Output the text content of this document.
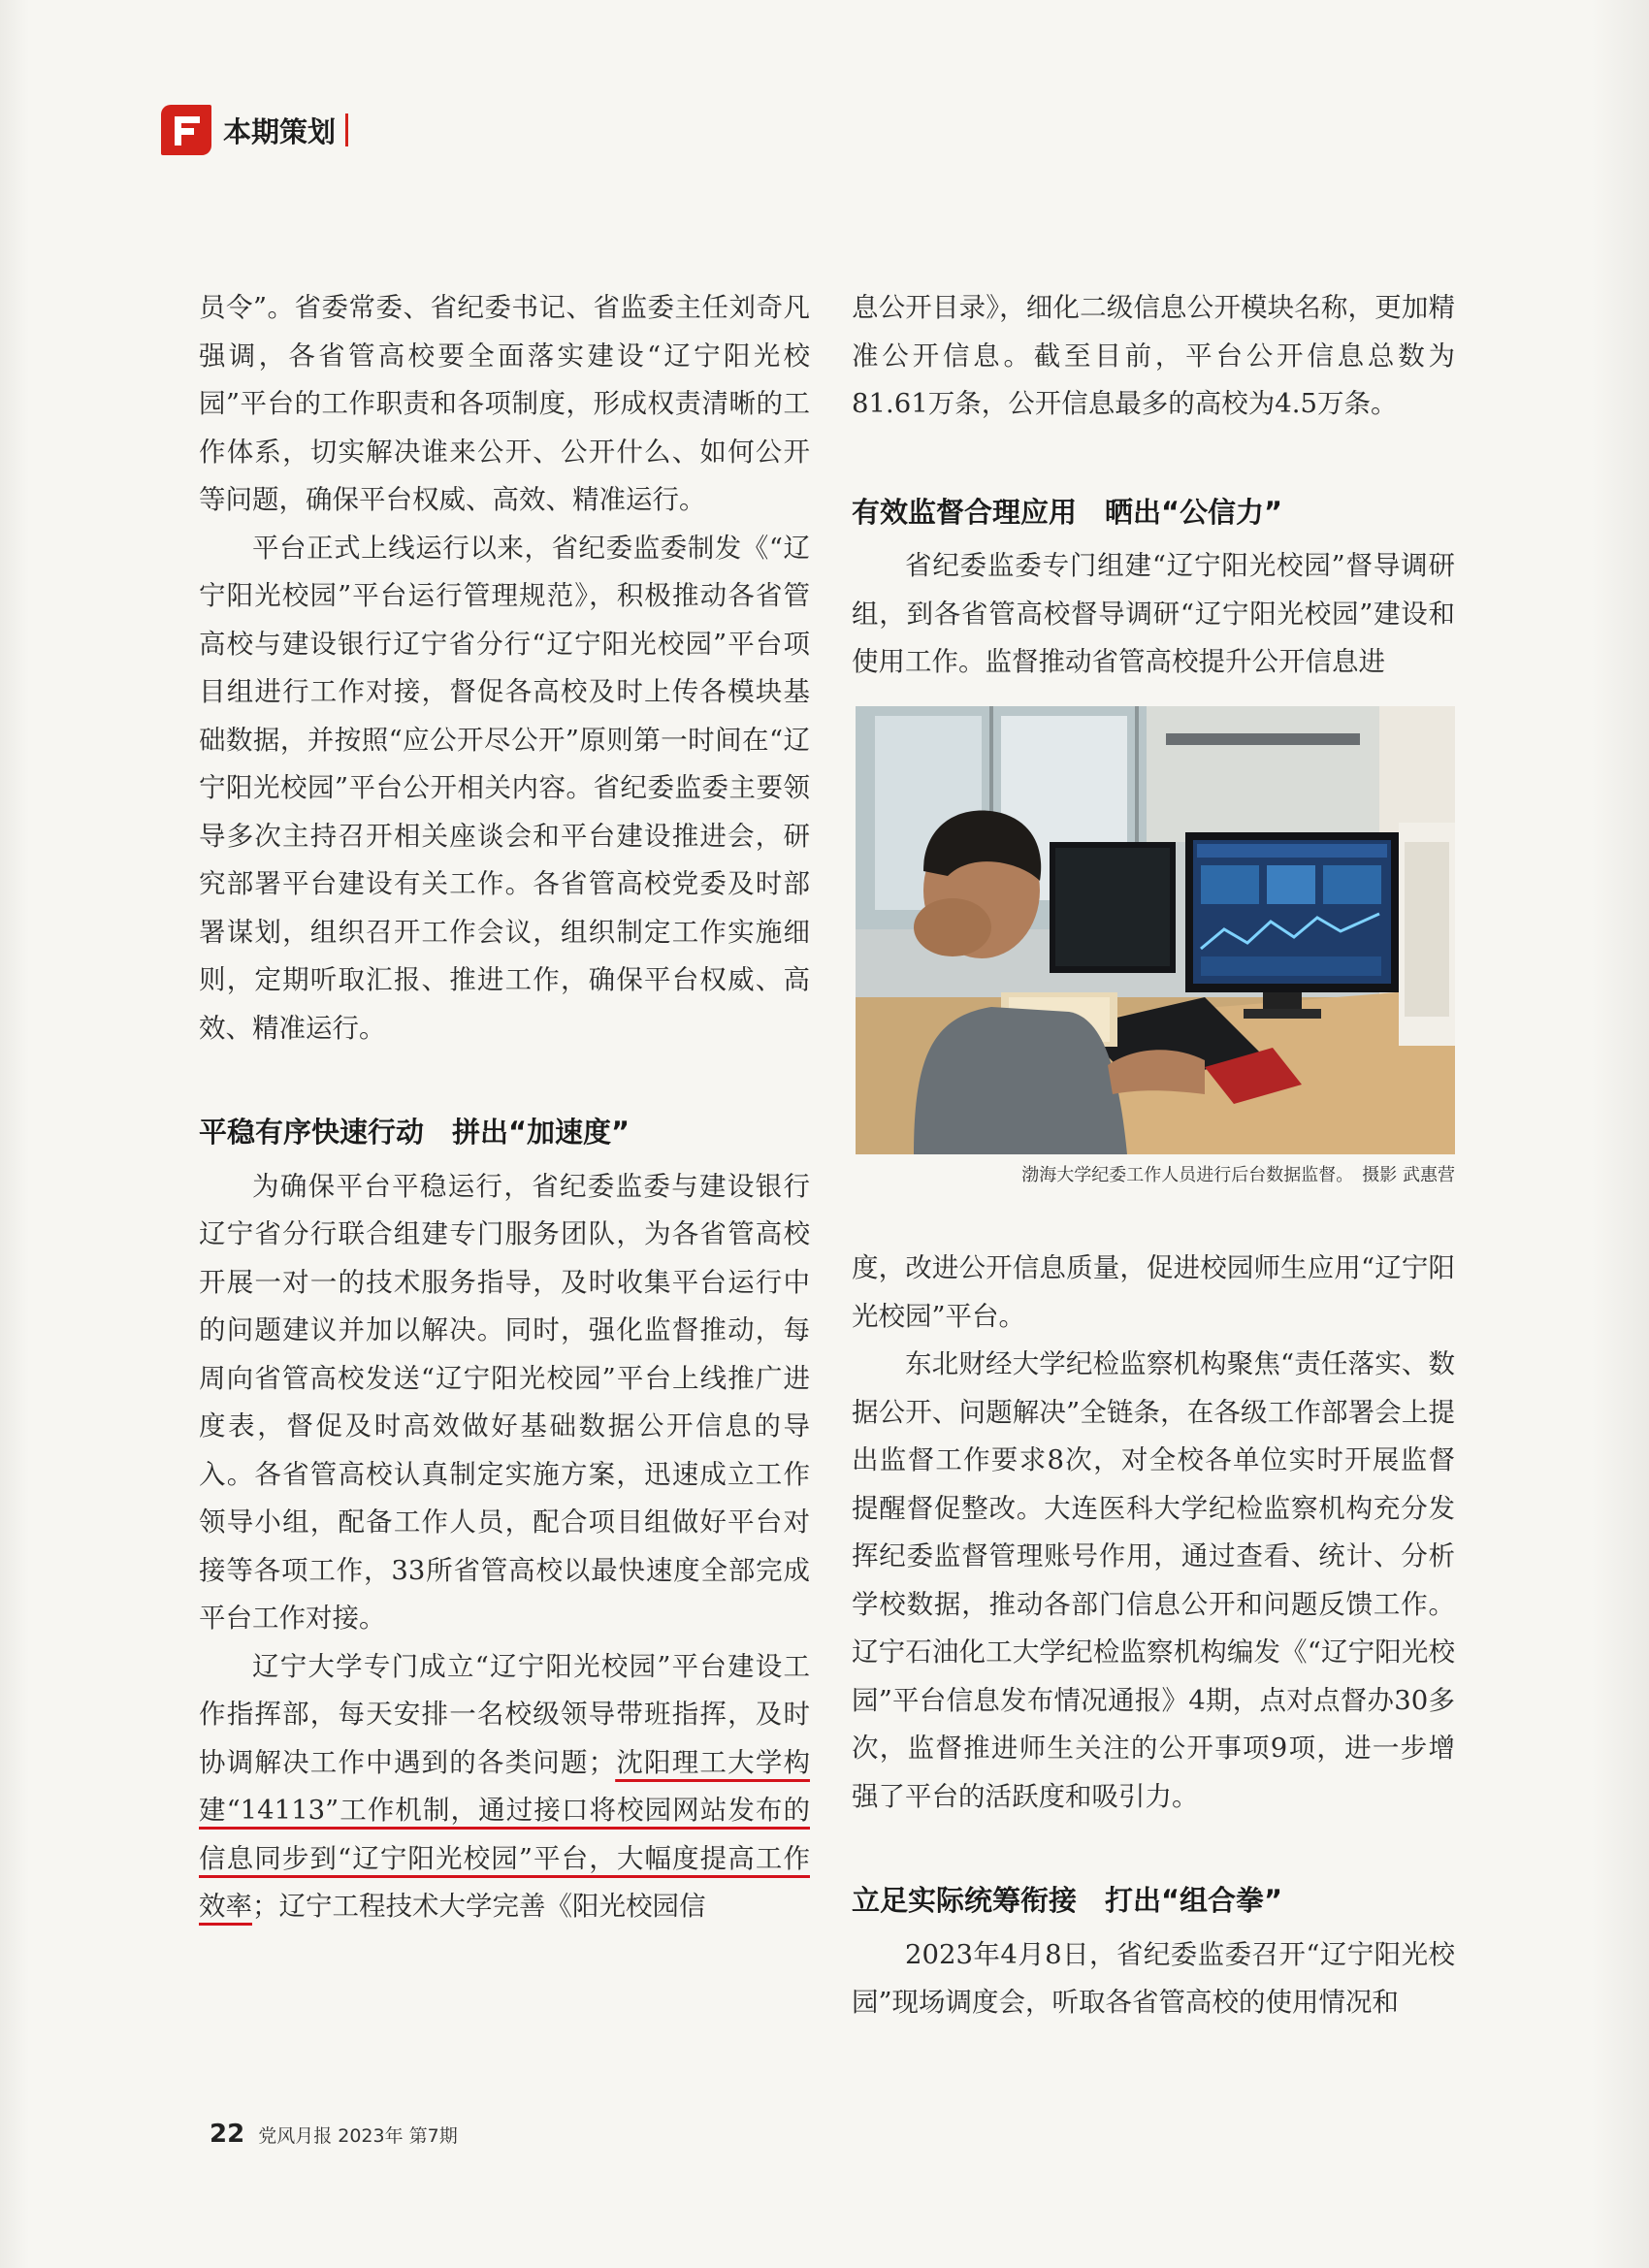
本期策划

员令”。省委常委、省纪委书记、省监委主任刘奇凡强调，各省管高校要全面落实建设“辽宁阳光校园”平台的工作职责和各项制度，形成权责清晰的工作体系，切实解决谁来公开、公开什么、如何公开等问题，确保平台权威、高效、精准运行。

平台正式上线运行以来，省纪委监委制发《“辽宁阳光校园”平台运行管理规范》，积极推动各省管高校与建设银行辽宁省分行“辽宁阳光校园”平台项目组进行工作对接，督促各高校及时上传各模块基础数据，并按照“应公开尽公开”原则第一时间在“辽宁阳光校园”平台公开相关内容。省纪委监委主要领导多次主持召开相关座谈会和平台建设推进会，研究部署平台建设有关工作。各省管高校党委及时部署谋划，组织召开工作会议，组织制定工作实施细则，定期听取汇报、推进工作，确保平台权威、高效、精准运行。

平稳有序快速行动　拼出“加速度”

为确保平台平稳运行，省纪委监委与建设银行辽宁省分行联合组建专门服务团队，为各省管高校开展一对一的技术服务指导，及时收集平台运行中的问题建议并加以解决。同时，强化监督推动，每周向省管高校发送“辽宁阳光校园”平台上线推广进度表，督促及时高效做好基础数据公开信息的导入。各省管高校认真制定实施方案，迅速成立工作领导小组，配备工作人员，配合项目组做好平台对接等各项工作，33所省管高校以最快速度全部完成平台工作对接。

辽宁大学专门成立“辽宁阳光校园”平台建设工作指挥部，每天安排一名校级领导带班指挥，及时协调解决工作中遇到的各类问题；沈阳理工大学构建“14113”工作机制，通过接口将校园网站发布的信息同步到“辽宁阳光校园”平台，大幅度提高工作效率；辽宁工程技术大学完善《阳光校园信

息公开目录》，细化二级信息公开模块名称，更加精准公开信息。截至目前，平台公开信息总数为81.61万条，公开信息最多的高校为4.5万条。

有效监督合理应用　晒出“公信力”

省纪委监委专门组建“辽宁阳光校园”督导调研组，到各省管高校督导调研“辽宁阳光校园”建设和使用工作。监督推动省管高校提升公开信息进

渤海大学纪委工作人员进行后台数据监督。　摄影 武惠营

度，改进公开信息质量，促进校园师生应用“辽宁阳光校园”平台。

东北财经大学纪检监察机构聚焦“责任落实、数据公开、问题解决”全链条，在各级工作部署会上提出监督工作要求8次，对全校各单位实时开展监督提醒督促整改。大连医科大学纪检监察机构充分发挥纪委监督管理账号作用，通过查看、统计、分析学校数据，推动各部门信息公开和问题反馈工作。辽宁石油化工大学纪检监察机构编发《“辽宁阳光校园”平台信息发布情况通报》4期，点对点督办30多次，监督推进师生关注的公开事项9项，进一步增强了平台的活跃度和吸引力。

立足实际统筹衔接　打出“组合拳”

2023年4月8日，省纪委监委召开“辽宁阳光校园”现场调度会，听取各省管高校的使用情况和

22 党风月报 2023年 第7期
